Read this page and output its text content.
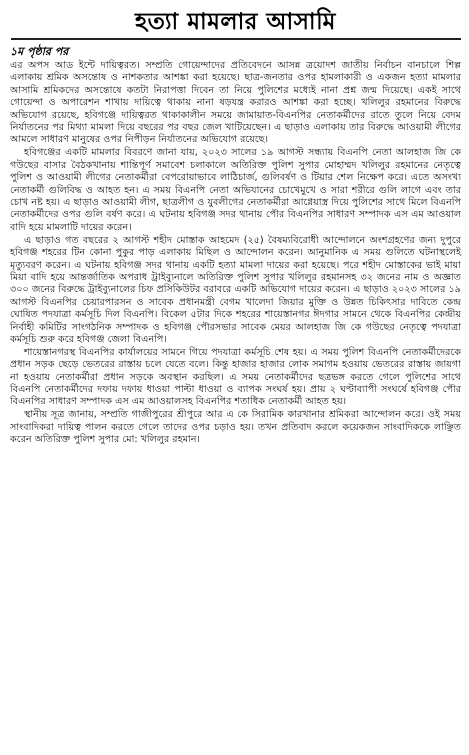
হত্যা মামলার আসামি
১ম পৃষ্ঠার পর

এর অপস আড ইন্টে দায়িত্বরত। সম্প্রতি গোয়েন্দাদের প্রতিবেদনে আসন্ন ত্রয়োদশ জাতীয় নির্বাচন বানচালে শিল্প এলাকায় শ্রমিক অসন্তোষ ও নাশকতার আশঙ্কা করা হয়েছে। ছাত্র-জনতার ওপর হামলাকারী ও একজন হত্যা মামলার আসামি শ্রমিকদের অসন্তোষে কতটা নিরাপত্তা দিবেন তা নিয়ে পুলিশের মধ্যেই নানা প্রশ্ন জন্ম দিয়েছে। একই সাথে গোয়েন্দা ও অপারেশন শাখায় দায়িত্বে থাকায় নানা ষড়যন্ত্র করারও আশঙ্কা করা হচ্ছে। খলিলুর রহমানের বিরুদ্ধে অভিযোগ রয়েছে, হবিগঞ্জে দায়িত্বরত থাকাকালীন সময়ে জামায়াত-বিএনপির নেতাকর্মীদের রাতে তুলে নিয়ে বেদম নির্যাতনের পর মিথ্যা মামলা দিয়ে বছরের পর বছর জেল খাটিয়েছেন। এ ছাড়াও এলাকায় তার বিরুদ্ধে আওয়ামী লীগের আমলে সাধারণ মানুষের ওপর নিপীড়ন নির্যাতনের অভিযোগ রয়েছে।

হবিগঞ্জের একটি মামলার বিবরণে জানা যায়, ২০২৩ সালের ১৯ আগস্ট সন্ধ্যায় বিএনপি নেতা আলহাজ জি কে গউছের বাসার বৈঠকখানায় শান্তিপূর্ণ সমাবেশ চলাকালে অতিরিক্ত পুলিশ সুপার মোহাম্মদ খলিলুর রহমানের নেতৃত্বে পুলিশ ও আওয়ামী লীগের নেতাকর্মীরা বেপরোয়াভাবে লাঠিচার্জ, গুলিবর্ষণ ও টিয়ার শেল নিক্ষেপ করে। এতে অসংখ্য নেতাকর্মী গুলিবিদ্ধ ও আহত হন। এ সময় বিএনপি নেতা অভিযানের চোখেমুখে ও সারা শরীরে গুলি লাগে এবং তার চোখ নষ্ট হয়। এ ছাড়াও আওয়ামী লীগ, ছাত্রলীগ ও যুবলীগের নেতাকর্মীরা আগ্নেয়াস্ত্র দিয়ে পুলিশের সাথে মিলে বিএনপি নেতাকর্মীদের ওপর গুলি বর্ষণ করে। এ ঘটনায় হবিগঞ্জ সদর থানায় পৌর বিএনপির সাধারণ সম্পাদক এস এম আওয়াল বাদি হয়ে মামলাটি দায়ের করেন।

এ ছাড়াও গত বছরের ২ আগস্ট শহীদ মোস্তাক আহমেদ (২৫) বৈষম্যবিরোধী আন্দোলনে অংশগ্রহণের জন্য দুপুরে হবিগঞ্জ শহরের টিন কোনা পুকুর পাড় এলাকায় মিছিল ও আন্দোলন করেন। আনুমানিক এ সময় গুলিতে ঘটনাস্থলেই মৃত্যুবরণ করেন। এ ঘটনায় হবিগঞ্জ সদর থানায় একটি হত্যা মামলা দায়ের করা হয়েছে। পরে শহীদ মোস্তাকের ভাই মায়া মিয়া বাদি হয়ে আন্তর্জাতিক অপরাধ ট্রাইব্যুনালে অতিরিক্ত পুলিশ সুপার খলিলুর রহমানসহ ৩২ জনের নাম ও অজ্ঞাত ৩০০ জনের বিরুদ্ধে ট্রাইব্যুনালের চিফ প্রসিকিউটর বরাবরে একটি অভিযোগ দায়ের করেন। এ ছাড়াও ২০২৩ সালের ১৯ আগস্ট বিএনপির চেয়ারপারসন ও সাবেক প্রধানমন্ত্রী বেগম খালেদা জিয়ার মুক্তি ও উন্নত চিকিৎসার দাবিতে কেন্দ্র ঘোষিত পদযাত্রা কর্মসূচি দিল বিএনপি। বিকেল ৫টার দিকে শহরের শায়েস্তানগর ঈদগার সামনে থেকে বিএনপির কেন্দ্রীয় নির্বাহী কমিটির সাংগঠনিক সম্পাদক ও হবিগঞ্জ পৌরসভার সাবেক মেয়র আলহাজ জি কে গউছের নেতৃত্বে পদযাত্রা কর্মসূচি শুরু করে হবিগঞ্জ জেলা বিএনপি।

শায়েস্তানগরস্থ বিএনপির কার্যালয়ের সামনে গিয়ে পদযাত্রা কর্মসূচি শেষ হয়। এ সময় পুলিশ বিএনপি নেতাকর্মীদেরকে প্রধান সড়ক ছেড়ে ভেতরের রাস্তায় চলে যেতে বলে। কিন্তু হাজার হাজার লোক সমাগম হওয়ায় ভেতরের রাস্তায় জায়গা না হওয়ায় নেতাকর্মীরা প্রধান সড়কে অবস্থান করছিল। এ সময় নেতাকর্মীদের ছত্রভঙ্গ করতে গেলে পুলিশের সাথে বিএনপি নেতাকর্মীদের দফায় দফায় ধাওয়া পাল্টা ধাওয়া ও ব্যাপক সংঘর্ষ হয়। প্রায় ২ ঘণ্টাব্যাপী সংঘর্ষে হবিগঞ্জ পৌর বিএনপির সাধারণ সম্পাদক এস এম আওয়ালসহ বিএনপির শতাধিক নেতাকর্মী আহত হয়।

স্থানীয় সূত্র জানায়, সম্প্রতি গাজীপুরের শ্রীপুরে আর এ কে সিরামিক কারখানার শ্রমিকরা আন্দোলন করে। ওই সময় সাংবাদিকরা দায়িত্ব পালন করতে গেলে তাদের ওপর চড়াও হয়। তখন প্রতিবাদ করলে কয়েকজন সাংবাদিককে লাঞ্ছিত করেন অতিরিক্ত পুলিশ সুপার মো: খলিলুর রহমান।
